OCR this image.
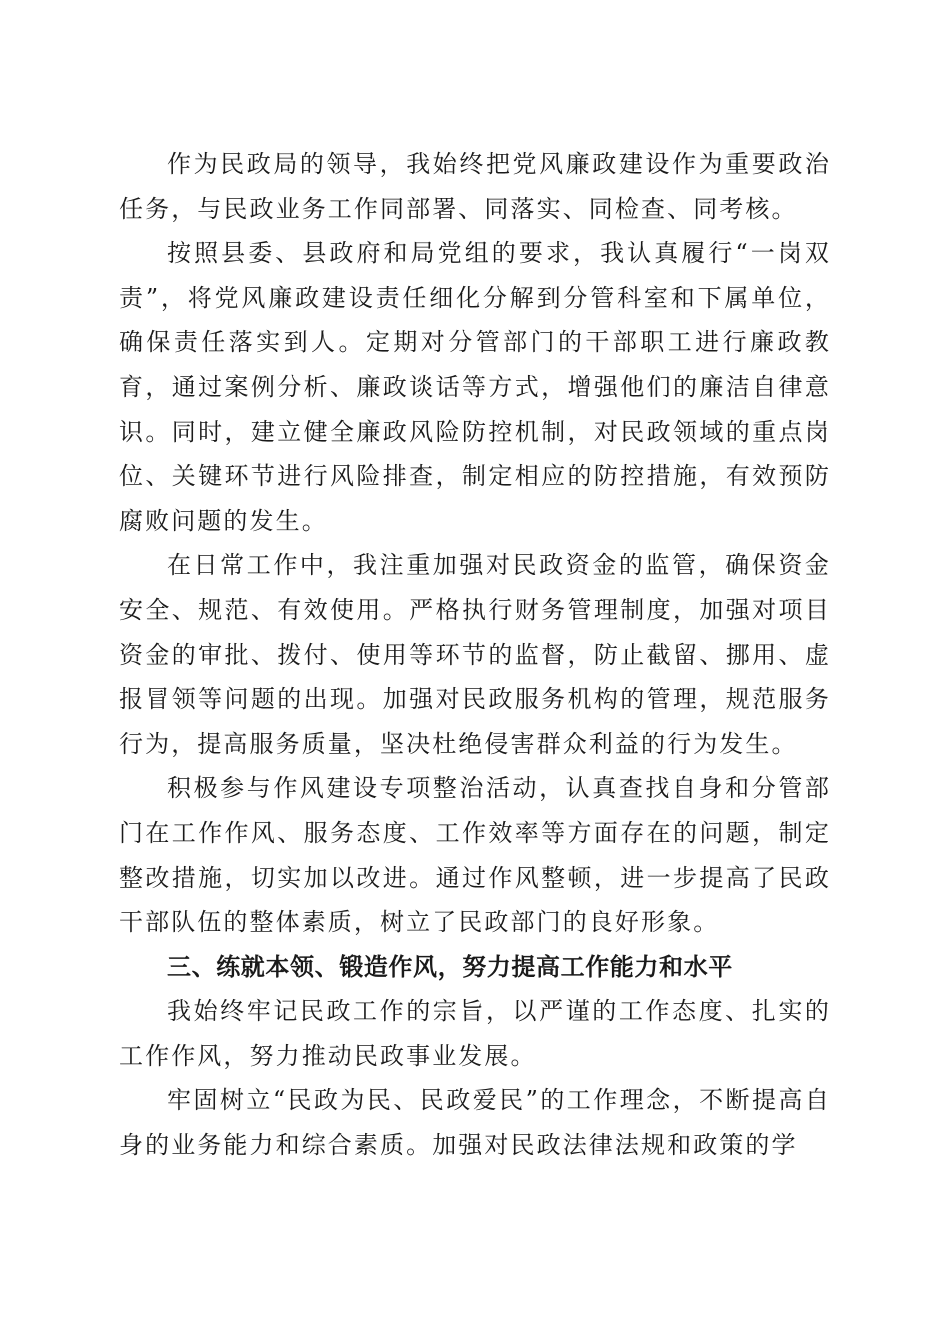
作为民政局的领导，我始终把党风廉政建设作为重要政治任务，与民政业务工作同部署、同落实、同检查、同考核。

按照县委、县政府和局党组的要求，我认真履行“一岗双责”，将党风廉政建设责任细化分解到分管科室和下属单位，确保责任落实到人。定期对分管部门的干部职工进行廉政教育，通过案例分析、廉政谈话等方式，增强他们的廉洁自律意识。同时，建立健全廉政风险防控机制，对民政领域的重点岗位、关键环节进行风险排查，制定相应的防控措施，有效预防腐败问题的发生。

在日常工作中，我注重加强对民政资金的监管，确保资金安全、规范、有效使用。严格执行财务管理制度，加强对项目资金的审批、拨付、使用等环节的监督，防止截留、挪用、虚报冒领等问题的出现。加强对民政服务机构的管理，规范服务行为，提高服务质量，坚决杜绝侵害群众利益的行为发生。

积极参与作风建设专项整治活动，认真查找自身和分管部门在工作作风、服务态度、工作效率等方面存在的问题，制定整改措施，切实加以改进。通过作风整顿，进一步提高了民政干部队伍的整体素质，树立了民政部门的良好形象。

三、练就本领、锻造作风，努力提高工作能力和水平

我始终牢记民政工作的宗旨，以严谨的工作态度、扎实的工作作风，努力推动民政事业发展。

牢固树立“民政为民、民政爱民”的工作理念，不断提高自身的业务能力和综合素质。加强对民政法律法规和政策的学
